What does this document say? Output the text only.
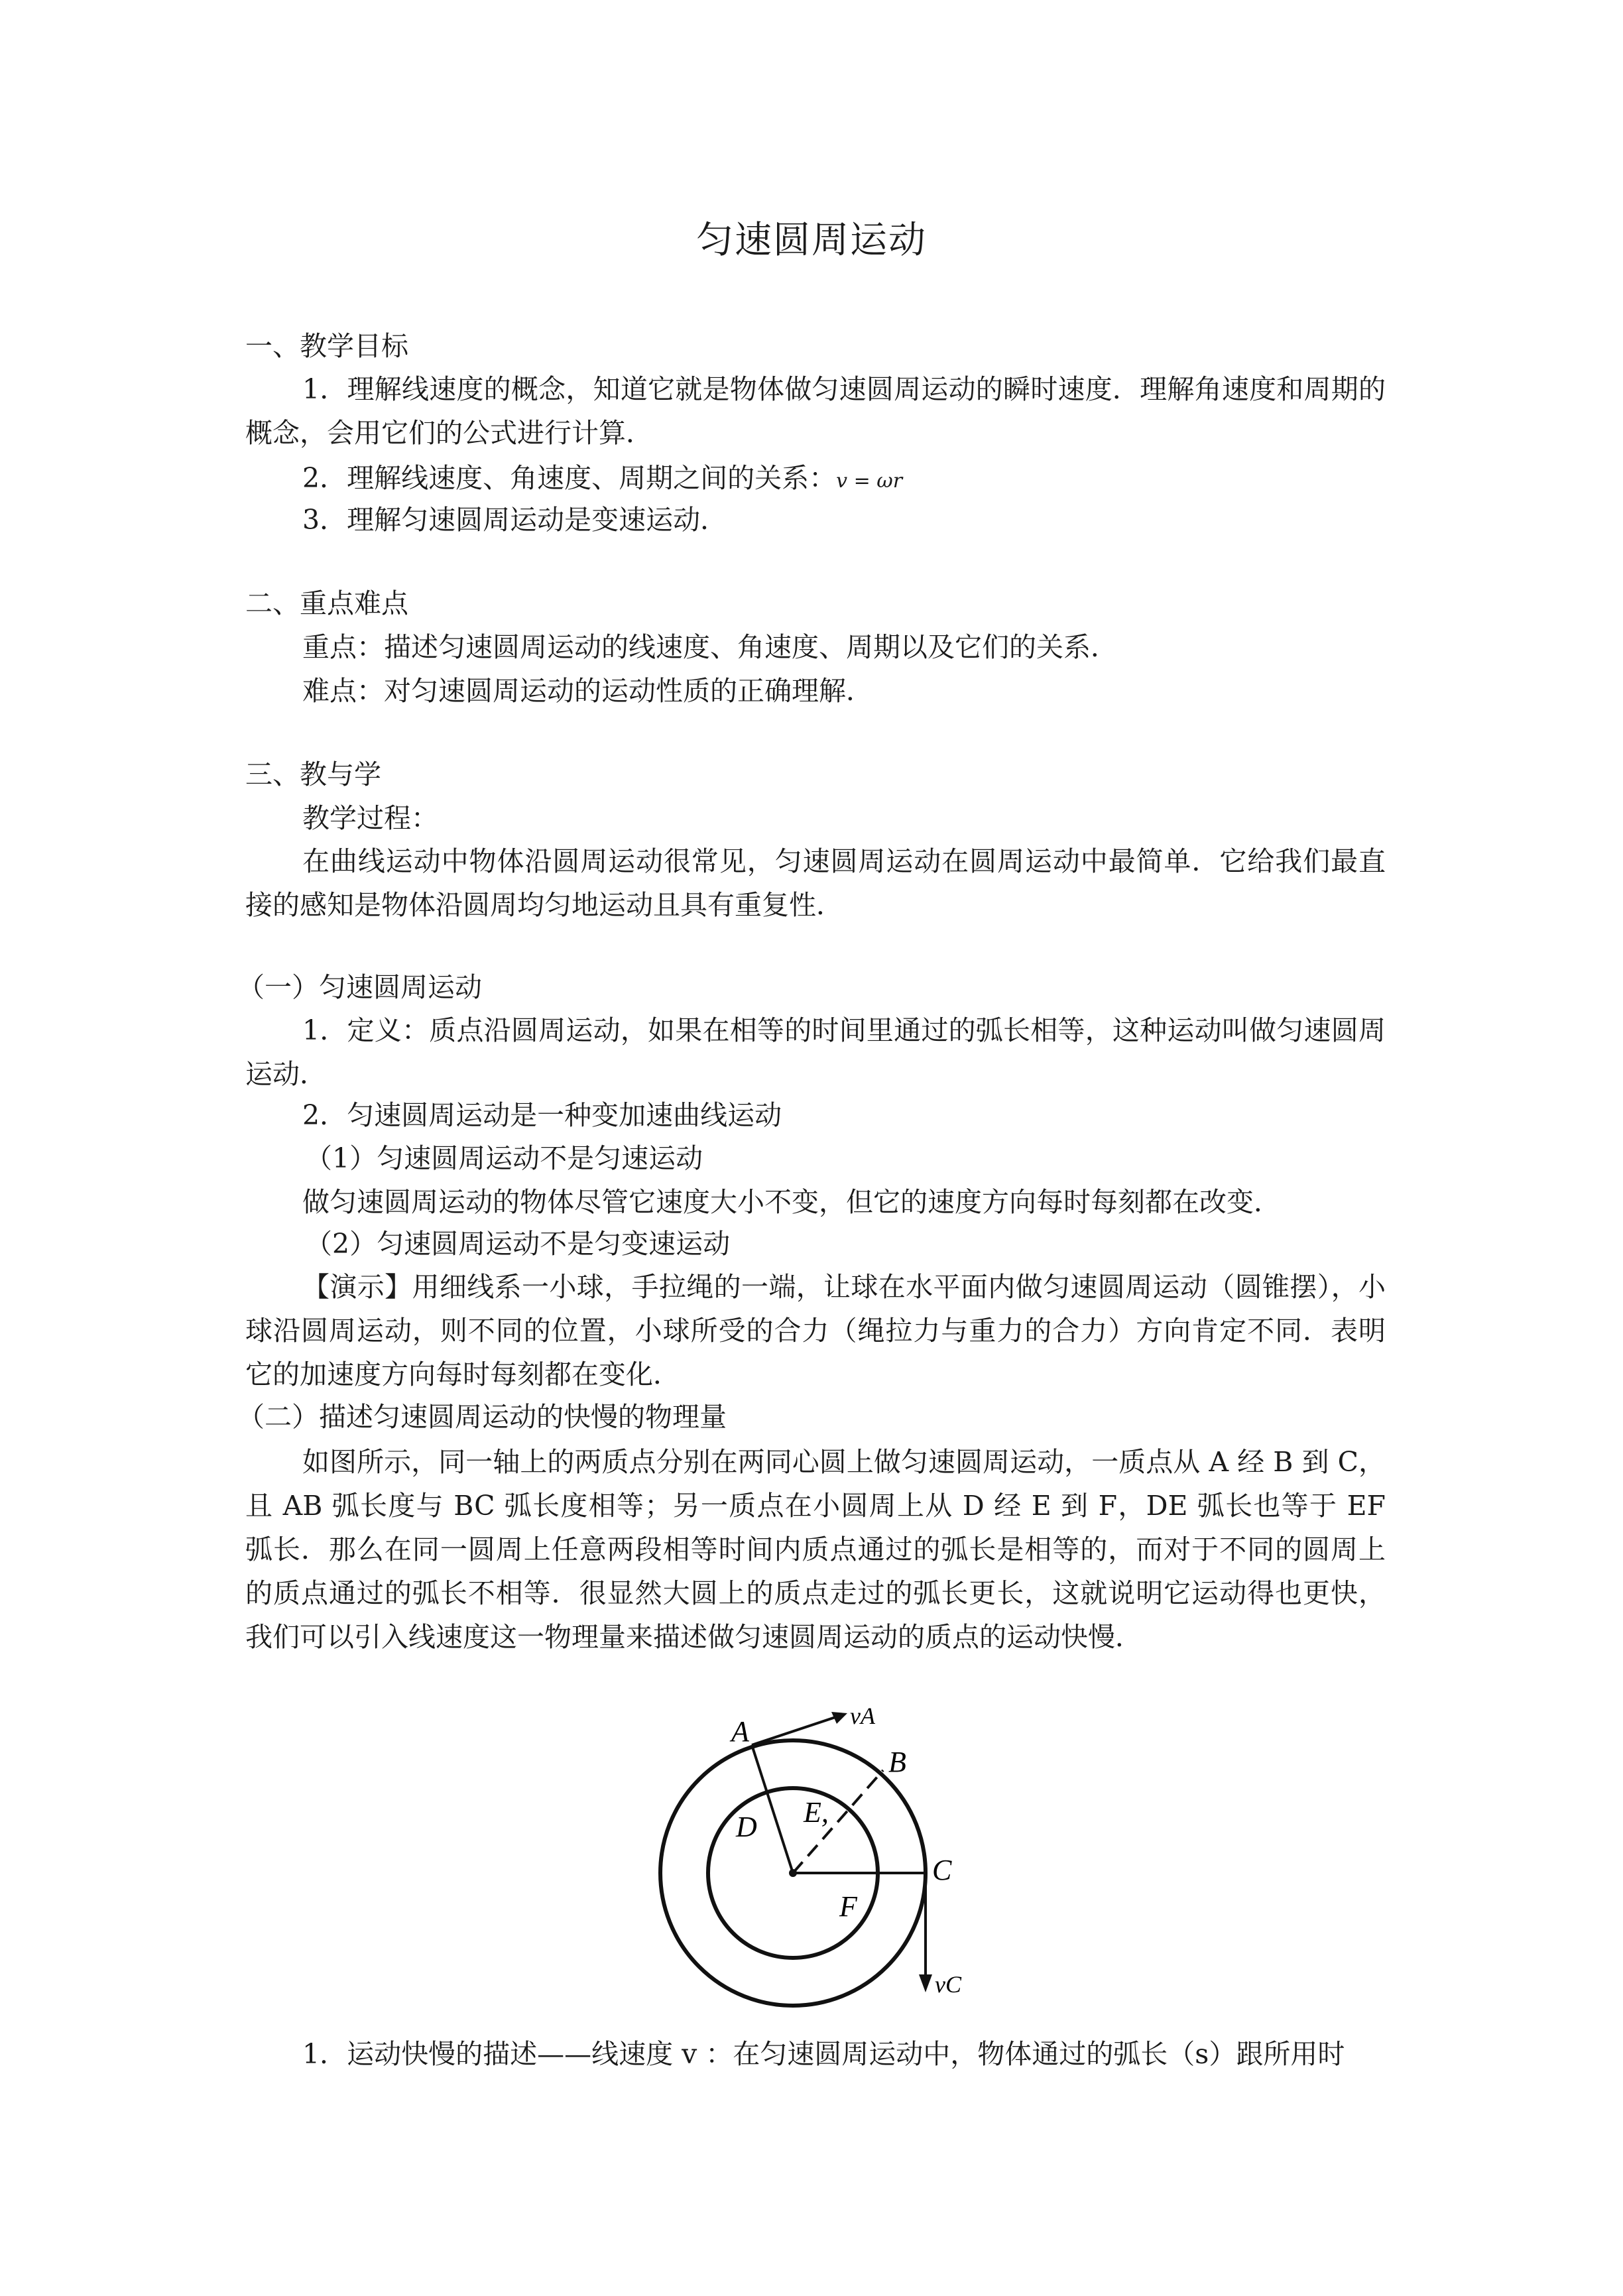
匀速圆周运动
一、教学目标
1．理解线速度的概念，知道它就是物体做匀速圆周运动的瞬时速度．理解角速度和周期的概念，会用它们的公式进行计算．
2．理解线速度、角速度、周期之间的关系：v = ωr
3．理解匀速圆周运动是变速运动．
二、重点难点
重点：描述匀速圆周运动的线速度、角速度、周期以及它们的关系．
难点：对匀速圆周运动的运动性质的正确理解．
三、教与学
教学过程：
在曲线运动中物体沿圆周运动很常见，匀速圆周运动在圆周运动中最简单．它给我们最直接的感知是物体沿圆周均匀地运动且具有重复性．
（一）匀速圆周运动
1．定义：质点沿圆周运动，如果在相等的时间里通过的弧长相等，这种运动叫做匀速圆周运动．
2．匀速圆周运动是一种变加速曲线运动
（1）匀速圆周运动不是匀速运动
做匀速圆周运动的物体尽管它速度大小不变，但它的速度方向每时每刻都在改变．
（2）匀速圆周运动不是匀变速运动
【演示】用细线系一小球，手拉绳的一端，让球在水平面内做匀速圆周运动（圆锥摆），小球沿圆周运动，则不同的位置，小球所受的合力（绳拉力与重力的合力）方向肯定不同．表明它的加速度方向每时每刻都在变化．
（二）描述匀速圆周运动的快慢的物理量
如图所示，同一轴上的两质点分别在两同心圆上做匀速圆周运动，一质点从 A 经 B 到 C，且 AB 弧长度与 BC 弧长度相等；另一质点在小圆周上从 D 经 E 到 F，DE 弧长也等于 EF 弧长．那么在同一圆周上任意两段相等时间内质点通过的弧长是相等的，而对于不同的圆周上的质点通过的弧长不相等．很显然大圆上的质点走过的弧长更长，这就说明它运动得也更快，我们可以引入线速度这一物理量来描述做匀速圆周运动的质点的运动快慢．
A
B
C
D E,
F
vA
vC
1．运动快慢的描述——线速度 v ：在匀速圆周运动中，物体通过的弧长（s）跟所用时
